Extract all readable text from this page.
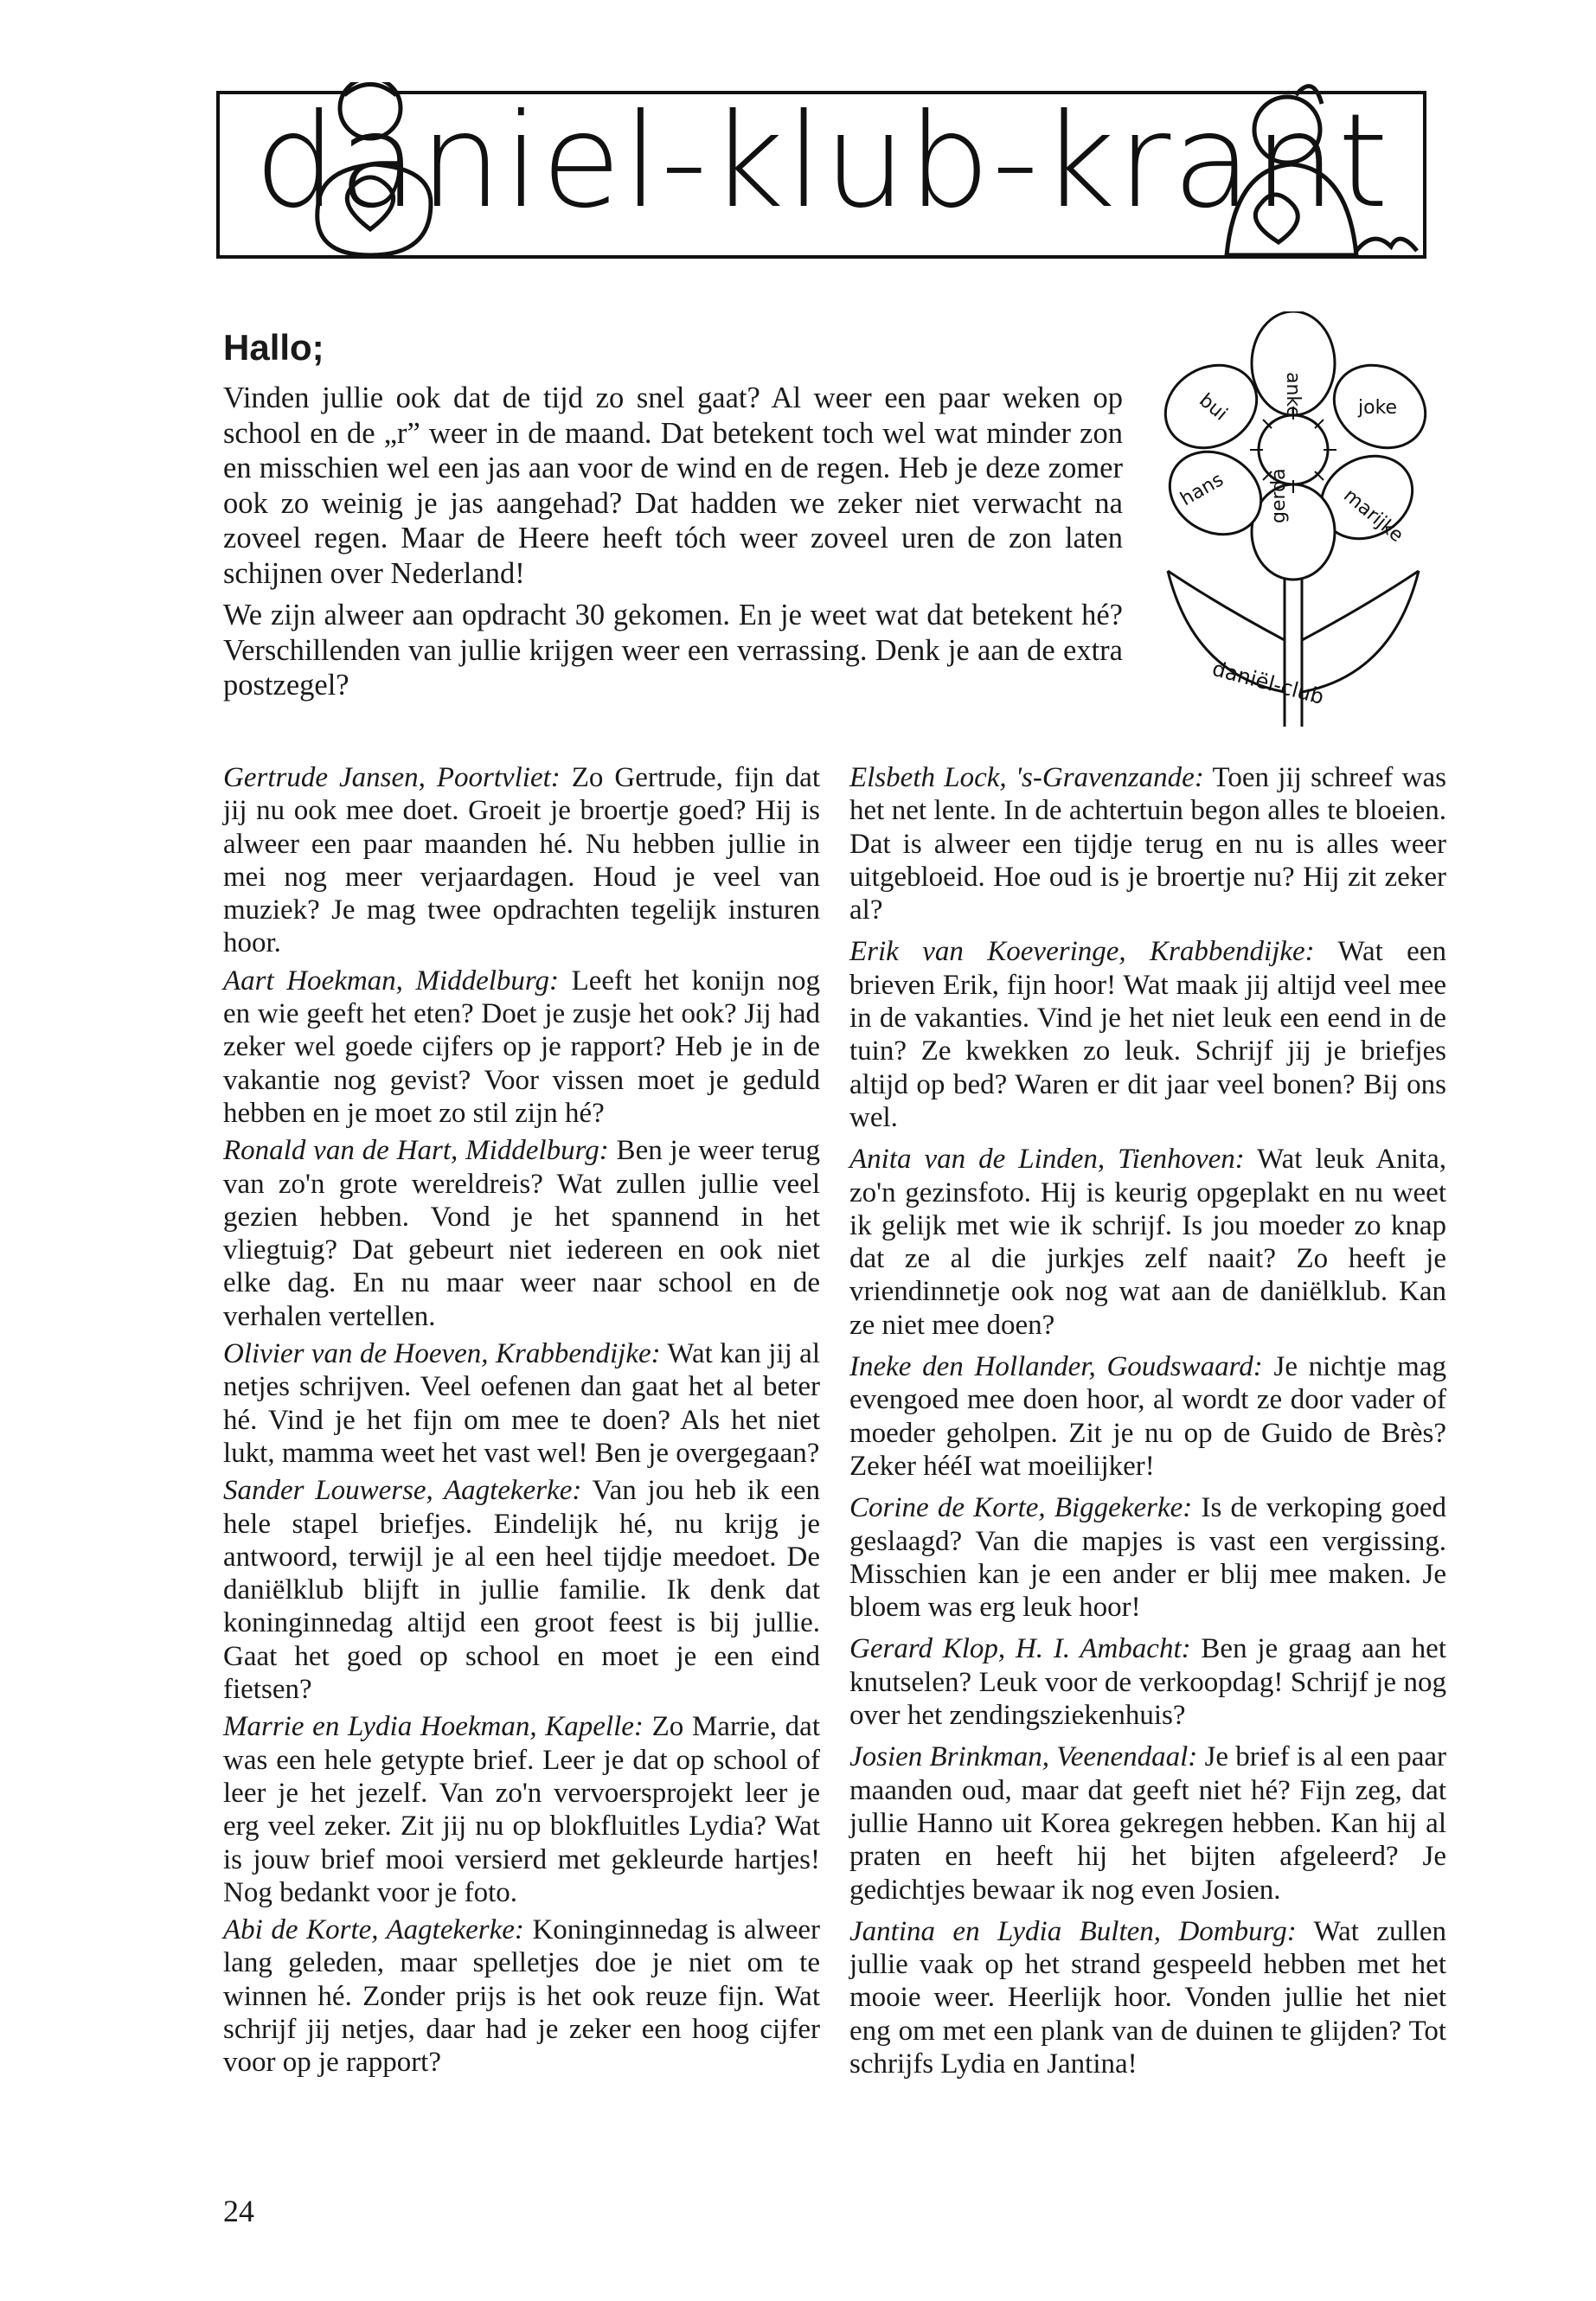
daniel-klub-krant
Hallo;

Vinden jullie ook dat de tijd zo snel gaat? Al weer een paar weken op school en de „r” weer in de maand. Dat betekent toch wel wat minder zon en misschien wel een jas aan voor de wind en de regen. Heb je deze zomer ook zo weinig je jas aangehad? Dat hadden we zeker niet verwacht na zoveel regen. Maar de Heere heeft tóch weer zoveel uren de zon laten schijnen over Nederland!

We zijn alweer aan opdracht 30 gekomen. En je weet wat dat betekent hé? Verschillenden van jullie krijgen weer een verrassing. Denk je aan de extra postzegel?

anke	joke
marijke
gerda
hans
bui
daniël-club

Gertrude Jansen, Poortvliet: Zo Gertrude, fijn dat jij nu ook mee doet. Groeit je broertje goed? Hij is alweer een paar maanden hé. Nu hebben jullie in mei nog meer verjaardagen. Houd je veel van muziek? Je mag twee opdrachten tegelijk insturen hoor.

Aart Hoekman, Middelburg: Leeft het konijn nog en wie geeft het eten? Doet je zusje het ook? Jij had zeker wel goede cijfers op je rapport? Heb je in de vakantie nog gevist? Voor vissen moet je geduld hebben en je moet zo stil zijn hé?

Ronald van de Hart, Middelburg: Ben je weer terug van zo'n grote wereldreis? Wat zullen jullie veel gezien hebben. Vond je het spannend in het vliegtuig? Dat gebeurt niet iedereen en ook niet elke dag. En nu maar weer naar school en de verhalen vertellen.

Olivier van de Hoeven, Krabbendijke: Wat kan jij al netjes schrijven. Veel oefenen dan gaat het al beter hé. Vind je het fijn om mee te doen? Als het niet lukt, mamma weet het vast wel! Ben je overgegaan?

Sander Louwerse, Aagtekerke: Van jou heb ik een hele stapel briefjes. Eindelijk hé, nu krijg je antwoord, terwijl je al een heel tijdje meedoet. De daniëlklub blijft in jullie familie. Ik denk dat koninginnedag altijd een groot feest is bij jullie. Gaat het goed op school en moet je een eind fietsen?

Marrie en Lydia Hoekman, Kapelle: Zo Marrie, dat was een hele getypte brief. Leer je dat op school of leer je het jezelf. Van zo'n vervoersprojekt leer je erg veel zeker. Zit jij nu op blokfluitles Lydia? Wat is jouw brief mooi versierd met gekleurde hartjes! Nog bedankt voor je foto.

Abi de Korte, Aagtekerke: Koninginnedag is alweer lang geleden, maar spelletjes doe je niet om te winnen hé. Zonder prijs is het ook reuze fijn. Wat schrijf jij netjes, daar had je zeker een hoog cijfer voor op je rapport?

Elsbeth Lock, 's-Gravenzande: Toen jij schreef was het net lente. In de achtertuin begon alles te bloeien. Dat is alweer een tijdje terug en nu is alles weer uitgebloeid. Hoe oud is je broertje nu? Hij zit zeker al?

Erik van Koeveringe, Krabbendijke: Wat een brieven Erik, fijn hoor! Wat maak jij altijd veel mee in de vakanties. Vind je het niet leuk een eend in de tuin? Ze kwekken zo leuk. Schrijf jij je briefjes altijd op bed? Waren er dit jaar veel bonen? Bij ons wel.

Anita van de Linden, Tienhoven: Wat leuk Anita, zo'n gezinsfoto. Hij is keurig opgeplakt en nu weet ik gelijk met wie ik schrijf. Is jou moeder zo knap dat ze al die jurkjes zelf naait? Zo heeft je vriendinnetje ook nog wat aan de daniëlklub. Kan ze niet mee doen?

Ineke den Hollander, Goudswaard: Je nichtje mag evengoed mee doen hoor, al wordt ze door vader of moeder geholpen. Zit je nu op de Guido de Brès? Zeker hééI wat moeilijker!

Corine de Korte, Biggekerke: Is de verkoping goed geslaagd? Van die mapjes is vast een vergissing. Misschien kan je een ander er blij mee maken. Je bloem was erg leuk hoor!

Gerard Klop, H. I. Ambacht: Ben je graag aan het knutselen? Leuk voor de verkoopdag! Schrijf je nog over het zendingsziekenhuis?

Josien Brinkman, Veenendaal: Je brief is al een paar maanden oud, maar dat geeft niet hé? Fijn zeg, dat jullie Hanno uit Korea gekregen hebben. Kan hij al praten en heeft hij het bijten afgeleerd? Je gedichtjes bewaar ik nog even Josien.

Jantina en Lydia Bulten, Domburg: Wat zullen jullie vaak op het strand gespeeld hebben met het mooie weer. Heerlijk hoor. Vonden jullie het niet eng om met een plank van de duinen te glijden? Tot schrijfs Lydia en Jantina!

24
